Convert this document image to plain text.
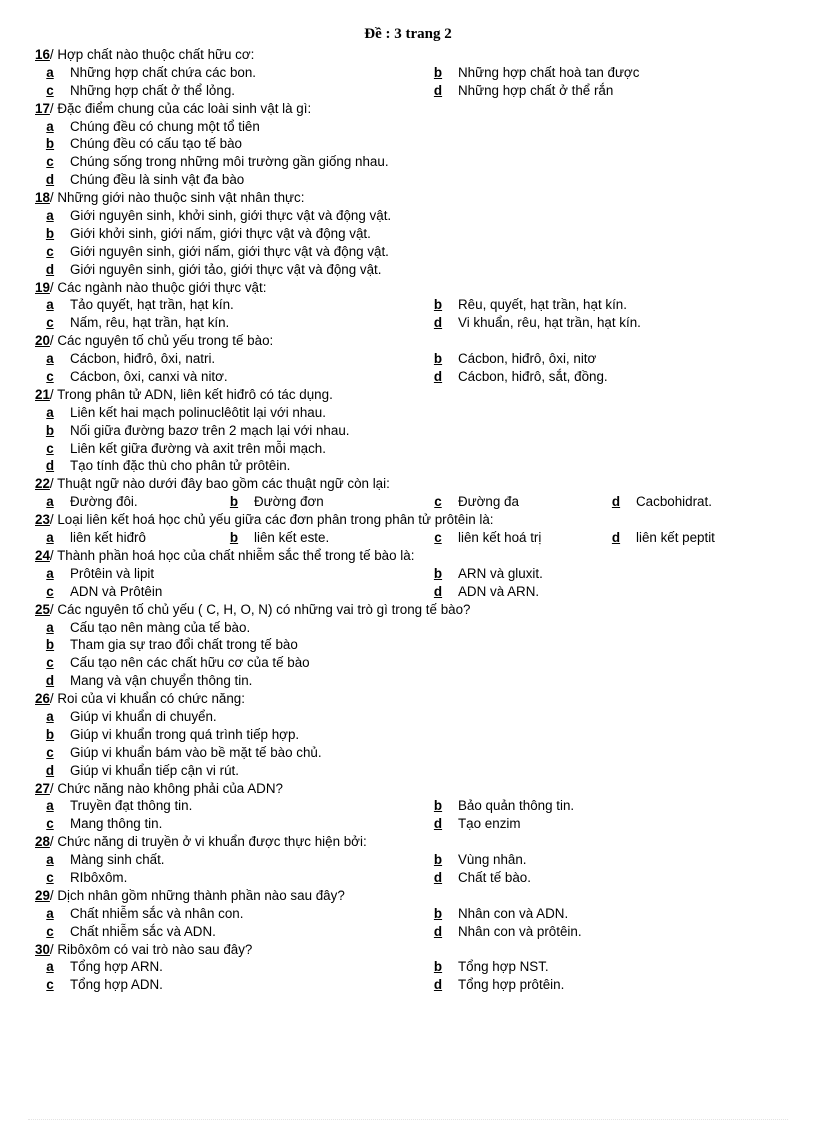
Đề : 3 trang 2
16/ Hợp chất nào thuộc chất hữu cơ:
a Những hợp chất chứa các bon.	b Những hợp chất hoà tan được
c Những hợp chất ở thể lỏng.	d Những hợp chất ở thể rắn
17/ Đặc điểm chung của các loài sinh vật là gì:
a Chúng đều có chung một tổ tiên
b Chúng đều có cấu tạo tế bào
c Chúng sống trong những môi trường gần giống nhau.
d Chúng đều là sinh vật đa bào
18/ Những giới nào thuộc sinh vật nhân thực:
a Giới nguyên sinh, khởi sinh, giới thực vật và động vật.
b Giới khởi sinh, giới nấm, giới thực vật và động vật.
c Giới nguyên sinh, giới nấm, giới thực vật và động vật.
d Giới nguyên sinh, giới tảo, giới thực vật và động vật.
19/ Các ngành nào thuộc giới thực vật:
a Tảo quyết, hạt trần, hạt kín.	b Rêu, quyết, hạt trần, hạt kín.
c Nấm, rêu, hạt trần, hạt kín.	d Vi khuẩn, rêu, hạt trần, hạt kín.
20/ Các nguyên tố chủ yếu trong tế bào:
a Cácbon, hiđrô, ôxi, natri.	b Cácbon, hiđrô, ôxi, nitơ
c Cácbon, ôxi, canxi và nitơ.	d Cácbon, hiđrô, sắt, đồng.
21/ Trong phân tử ADN, liên kết hiđrô có tác dụng.
a Liên kết hai mạch polinuclêôtit lại với nhau.
b Nối giữa đường bazơ trên 2 mạch lại với nhau.
c Liên kết giữa đường và axit trên mỗi mạch.
d Tạo tính đặc thù cho phân tử prôtêin.
22/ Thuật ngữ nào dưới đây bao gồm các thuật ngữ còn lại:
a Đường đôi.	b Đường đơn	c Đường đa	d Cacbohidrat.
23/ Loại liên kết hoá học chủ yếu giữa các đơn phân trong phân tử prôtêin là:
a liên kết hiđrô	b liên kết este.	c liên kết hoá trị	d liên kết peptit
24/ Thành phần hoá học của chất nhiễm sắc thể trong tế bào là:
a Prôtêin và lipit	b ARN và gluxit.
c ADN và Prôtêin	d ADN và ARN.
25/ Các nguyên tố chủ yếu ( C, H, O, N) có những vai trò gì trong tế bào?
a Cấu tạo nên màng của tế bào.
b Tham gia sự trao đổi chất trong tế bào
c Cấu tạo nên các chất hữu cơ của tế bào
d Mang và vận chuyển thông tin.
26/ Roi của vi khuẩn có chức năng:
a Giúp vi khuẩn di chuyển.
b Giúp vi khuẩn trong quá trình tiếp hợp.
c Giúp vi khuẩn bám vào bề mặt tế bào chủ.
d Giúp vi khuẩn tiếp cận vi rút.
27/ Chức năng nào không phải của ADN?
a Truyền đạt thông tin.	b Bảo quản thông tin.
c Mang thông tin.	d Tạo enzim
28/ Chức năng di truyền ở vi khuẩn được thực hiện bởi:
a Màng sinh chất.	b Vùng nhân.
c RIbôxôm.	d Chất tế bào.
29/ Dịch nhân gồm những thành phần nào sau đây?
a Chất nhiễm sắc và nhân con.	b Nhân con và ADN.
c Chất nhiễm sắc và ADN.	d Nhân con và prôtêin.
30/ Ribôxôm có vai trò nào sau đây?
a Tổng hợp ARN.	b Tổng hợp NST.
c Tổng hợp ADN.	d Tổng hợp prôtêin.
